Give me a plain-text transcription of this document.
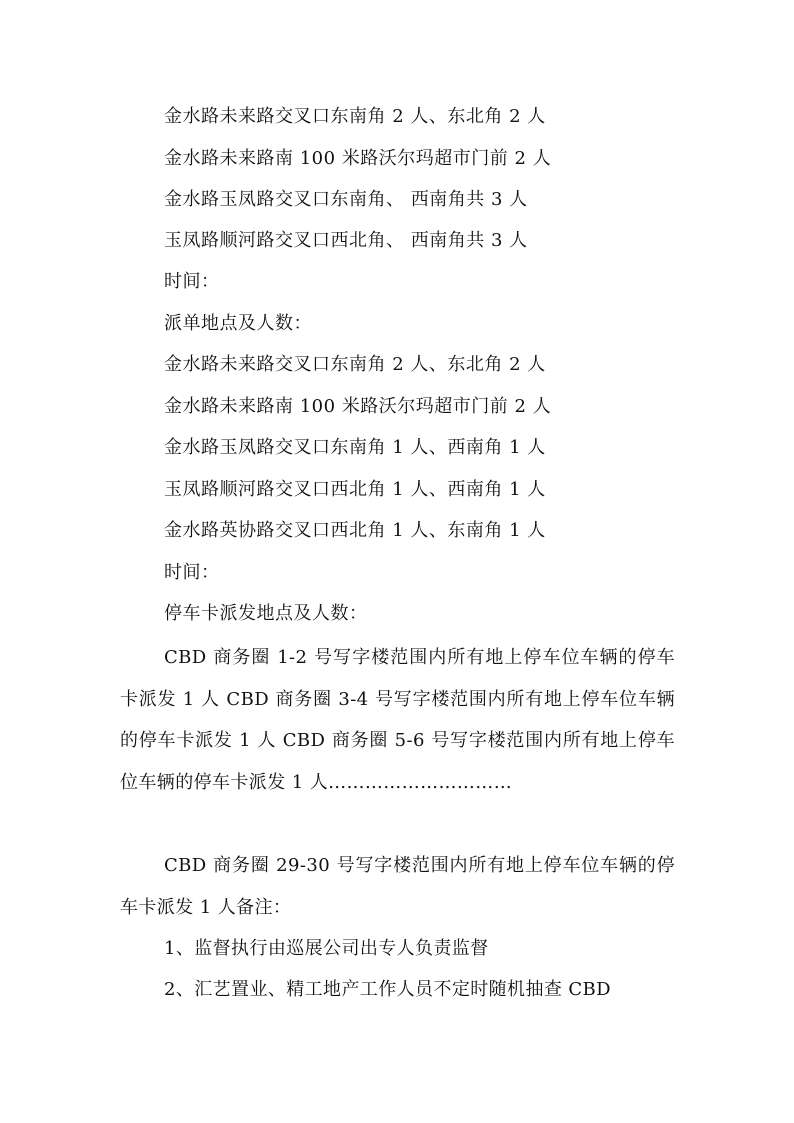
金水路未来路交叉口东南角 2 人、东北角 2 人
金水路未来路南 100 米路沃尔玛超市门前 2 人
金水路玉凤路交叉口东南角、 西南角共 3 人
玉凤路顺河路交叉口西北角、 西南角共 3 人
时间：
派单地点及人数：
金水路未来路交叉口东南角 2 人、东北角 2 人
金水路未来路南 100 米路沃尔玛超市门前 2 人
金水路玉凤路交叉口东南角 1 人、西南角 1 人
玉凤路顺河路交叉口西北角 1 人、西南角 1 人
金水路英协路交叉口西北角 1 人、东南角 1 人
时间：
停车卡派发地点及人数：
CBD 商务圈 1-2 号写字楼范围内所有地上停车位车辆的停车卡派发 1 人 CBD 商务圈 3-4 号写字楼范围内所有地上停车位车辆的停车卡派发 1 人 CBD 商务圈 5-6 号写字楼范围内所有地上停车位车辆的停车卡派发 1 人…………………………
CBD 商务圈 29-30 号写字楼范围内所有地上停车位车辆的停车卡派发 1 人备注：
1、监督执行由巡展公司出专人负责监督
2、汇艺置业、精工地产工作人员不定时随机抽查 CBD
